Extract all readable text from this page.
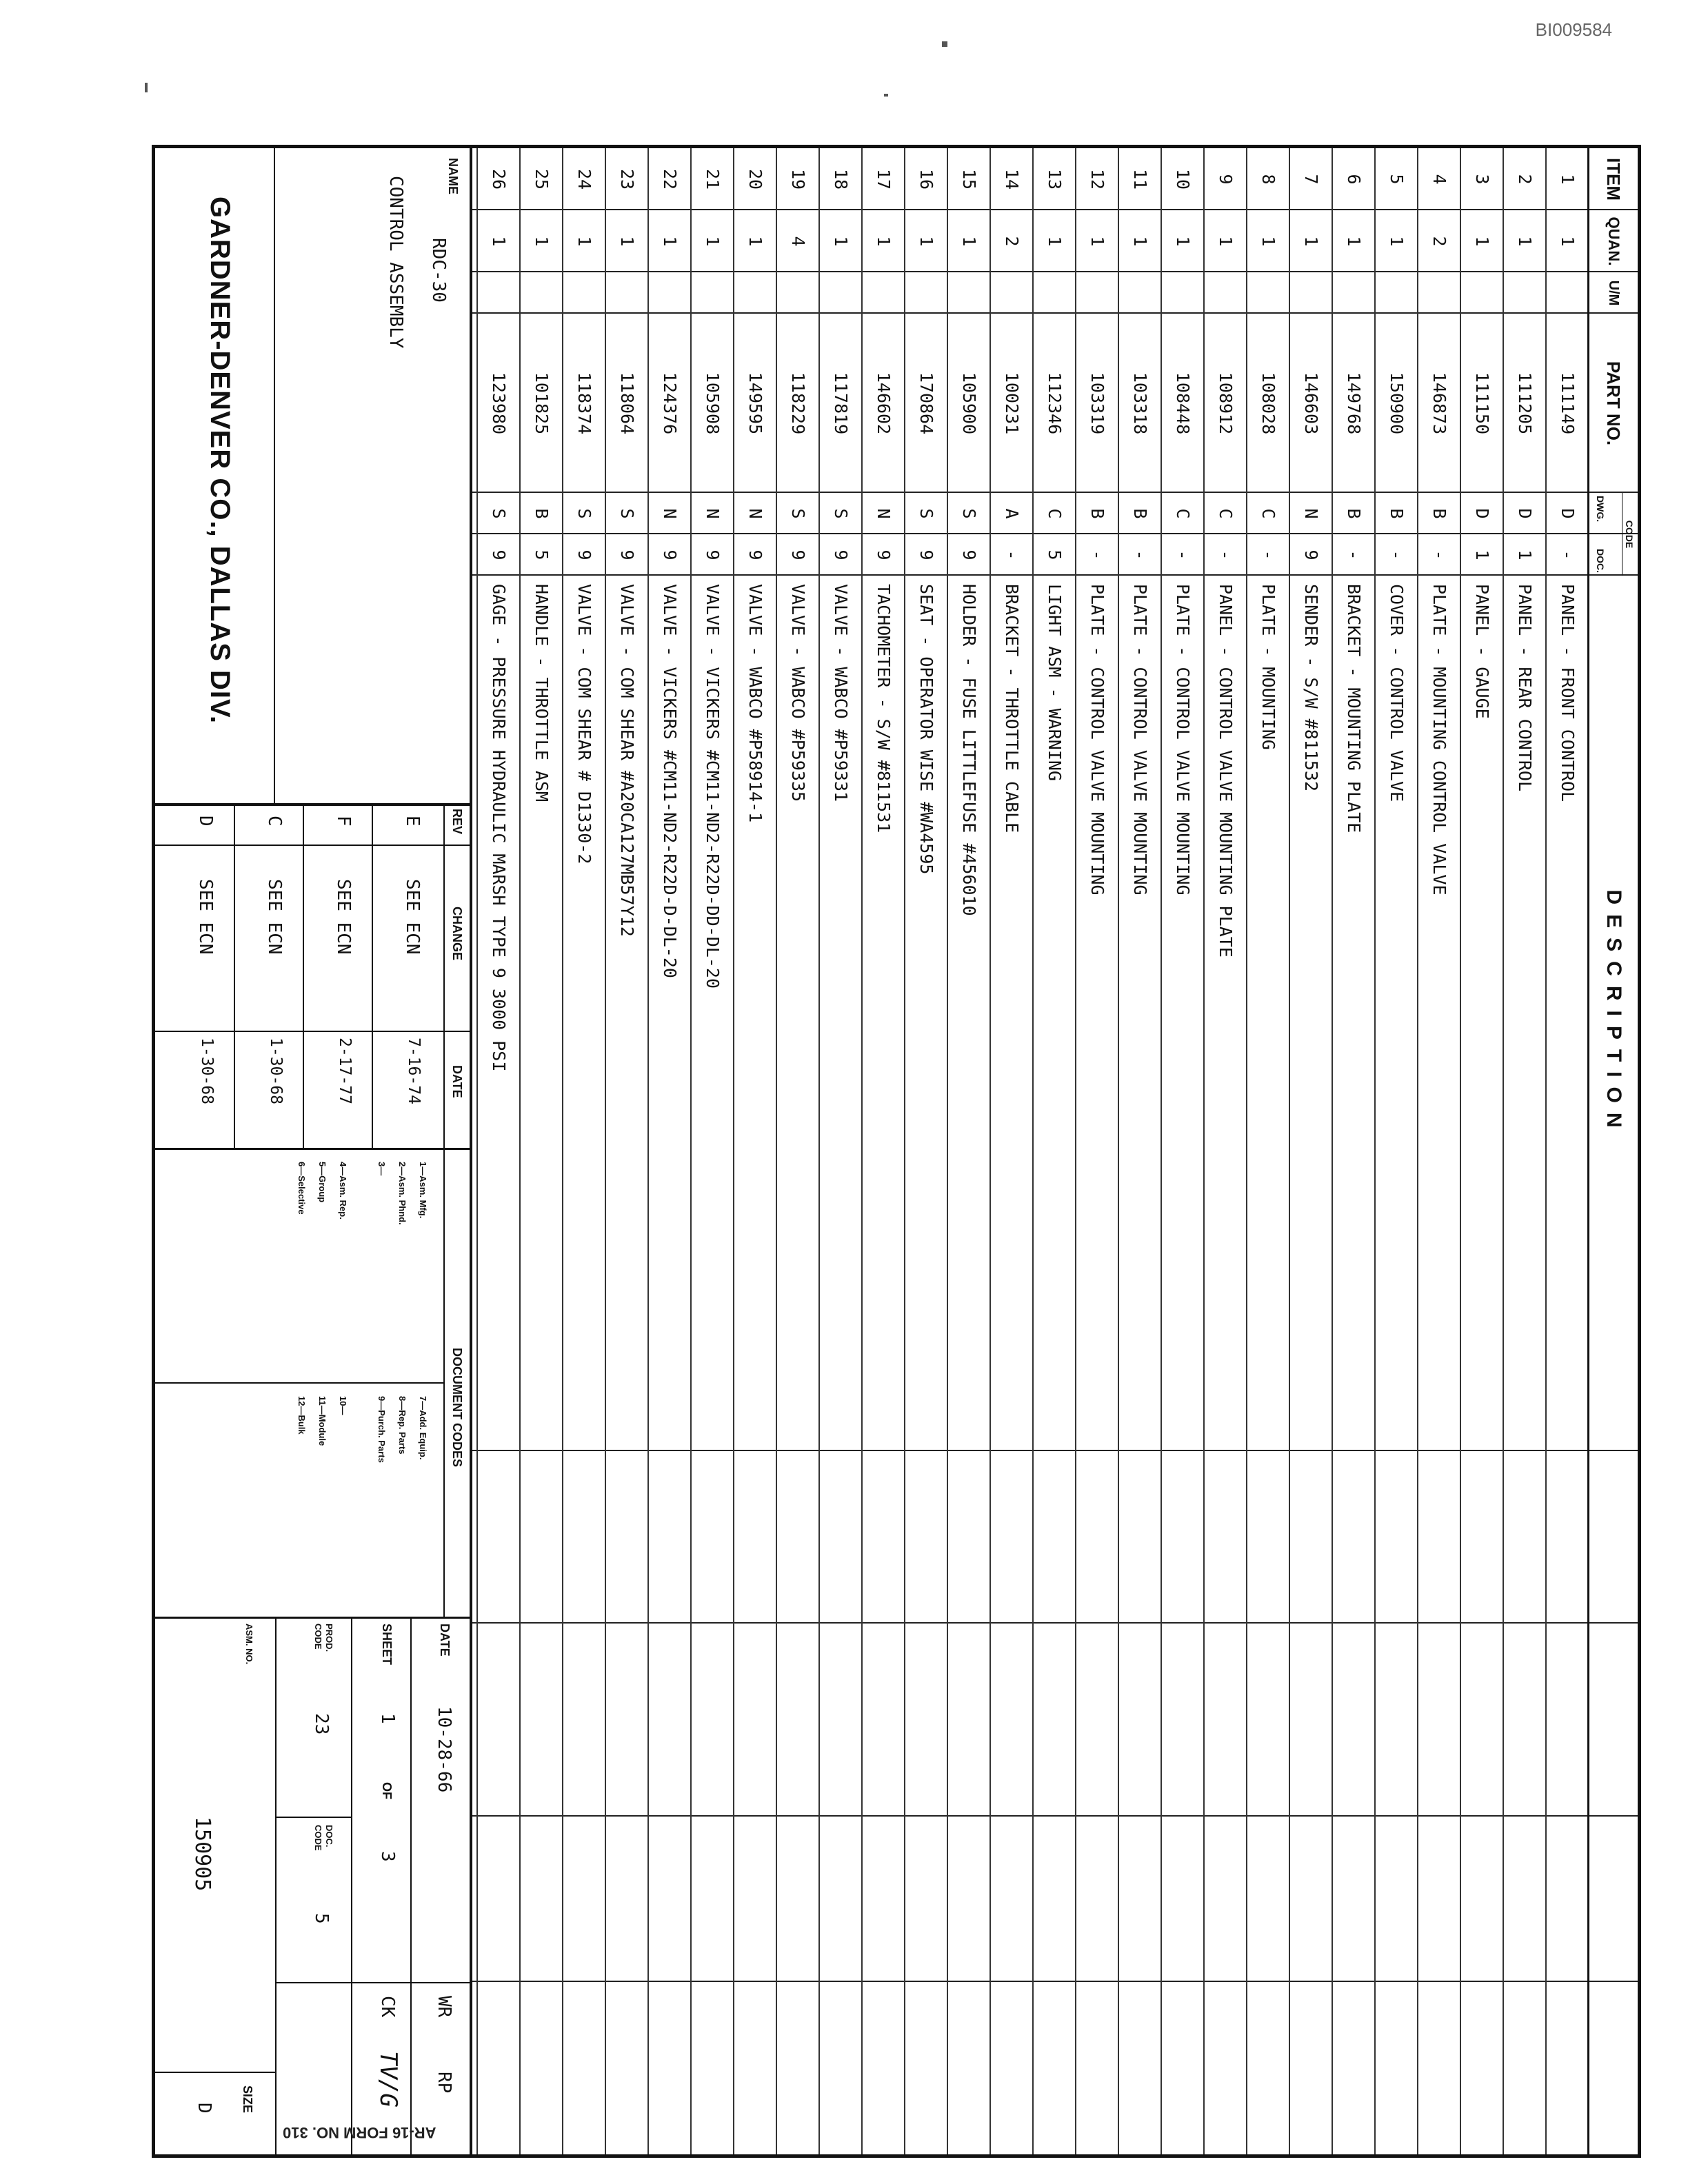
BI009584
ITEM
QUAN.
U/M
PART NO.
CODE
DWG.
DOC.
DESCRIPTION
1
1
111149
D
-
PANEL - FRONT CONTROL
2
1
111205
D
1
PANEL - REAR CONTROL
3
1
111150
D
1
PANEL - GAUGE
4
2
146873
B
-
PLATE - MOUNTING CONTROL VALVE
5
1
150900
B
-
COVER - CONTROL VALVE
6
1
149768
B
-
BRACKET - MOUNTING PLATE
7
1
146603
N
9
SENDER - S/W #811532
8
1
108028
C
-
PLATE - MOUNTING
9
1
108912
C
-
PANEL - CONTROL VALVE MOUNTING PLATE
10
1
108448
C
-
PLATE - CONTROL VALVE MOUNTING
11
1
103318
B
-
PLATE - CONTROL VALVE MOUNTING
12
1
103319
B
-
PLATE - CONTROL VALVE MOUNTING
13
1
112346
C
5
LIGHT ASM - WARNING
14
2
100231
A
-
BRACKET - THROTTLE CABLE
15
1
105900
S
9
HOLDER - FUSE LITTLEFUSE #456010
16
1
170864
S
9
SEAT - OPERATOR WISE #WA4595
17
1
146602
N
9
TACHOMETER - S/W #811531
18
1
117819
S
9
VALVE - WABCO #P59331
19
4
118229
S
9
VALVE - WABCO #P59335
20
1
149595
N
9
VALVE - WABCO #P58914-1
21
1
105908
N
9
VALVE - VICKERS #CM11-ND2-R22D-DD-DL-20
22
1
124376
N
9
VALVE - VICKERS #CM11-ND2-R22D-D-DL-20
23
1
118064
S
9
VALVE - COM SHEAR #A20CA127MB57Y12
24
1
118374
S
9
VALVE - COM SHEAR # D1330-2
25
1
101825
B
5
HANDLE - THROTTLE ASM
26
1
123980
S
9
GAGE - PRESSURE HYDRAULIC MARSH TYPE 9 3000 PSI
NAME
RDC-30
CONTROL ASSEMBLY
GARDNER-DENVER CO., DALLAS DIV.
REV
CHANGE
DATE
E
SEE ECN
7-16-74
F
SEE ECN
2-17-77
C
SEE ECN
1-30-68
D
SEE ECN
1-30-68
DOCUMENT CODES
1—Asm. Mfg.
2—Asm. Phnd.
3—
4—Asm. Rep.
5—Group
6—Selective
7—Add. Equip.
8—Rep. Parts
9—Purch. Parts
10—
11—Module
12—Bulk
DATE
10-28-66
SHEET
1
OF
3
PROD. CODE
23
DOC. CODE
5
ASM. NO.
150905
WR
RP
CK
TV/G
SIZE
D
AR-16 FORM NO. 310
